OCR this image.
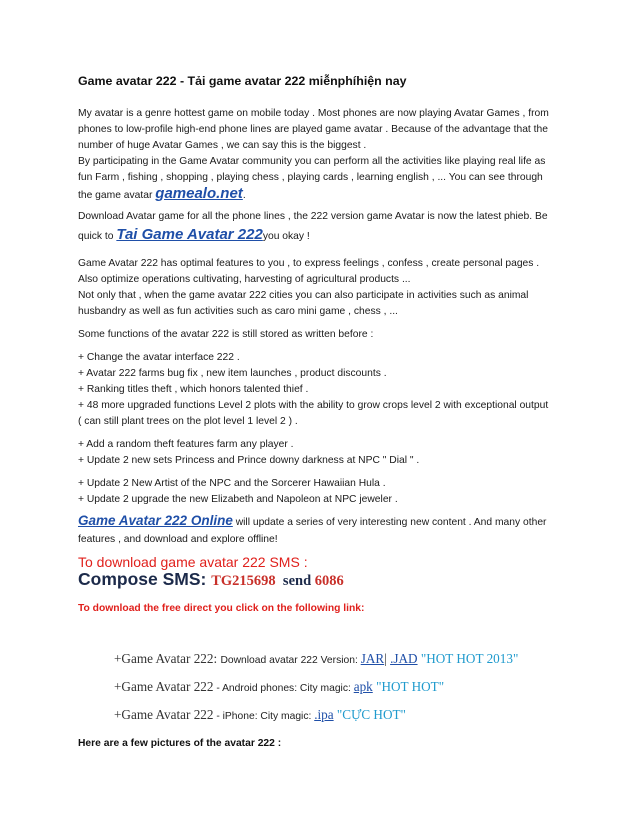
Game avatar 222 - Tải game avatar 222 miễnphíhiện nay
My avatar is a genre hottest game on mobile today . Most phones are now playing Avatar Games , from
phones to low-profile high-end phone lines are played game avatar . Because of the advantage that the
number of huge Avatar Games , we can say this is the biggest .
By participating in the Game Avatar community you can perform all the activities like playing real life as
fun Farm , fishing , shopping , playing chess , playing cards , learning english , ... You can see through
the game avatar gamealo.net.
Download Avatar game for all the phone lines , the 222 version game Avatar is now the latest phieb. Be
quick to Tai Game Avatar 222you okay !
Game Avatar 222 has optimal features to you , to express feelings , confess , create personal pages .
Also optimize operations cultivating, harvesting of agricultural products ...
Not only that , when the game avatar 222 cities you can also participate in activities such as animal
husbandry as well as fun activities such as caro mini game , chess , ...
Some functions of the avatar 222 is still stored as written before :
+ Change the avatar interface 222 .
+ Avatar 222 farms bug fix , new item launches , product discounts .
+ Ranking titles theft , which honors talented thief .
+ 48 more upgraded functions Level 2 plots with the ability to grow crops level 2 with exceptional output
( can still plant trees on the plot level 1 level 2 ) .
+ Add a random theft features farm any player .
+ Update 2 new sets Princess and Prince downy darkness at NPC " Dial " .
+ Update 2 New Artist of the NPC and the Sorcerer Hawaiian Hula .
+ Update 2 upgrade the new Elizabeth and Napoleon at NPC jeweler .
Game Avatar 222 Online will update a series of very interesting new content . And many other
features , and download and explore offline!
To download game avatar 222 SMS :
Compose SMS: TG215698 send 6086
To download the free direct you click on the following link:
+Game Avatar 222: Download avatar 222 Version: JAR| .JAD "HOT HOT 2013"
+Game Avatar 222 - Android phones: City magic: apk "HOT HOT"
+Game Avatar 222 - iPhone: City magic: .ipa "CỰC HOT"
Here are a few pictures of the avatar 222 :
